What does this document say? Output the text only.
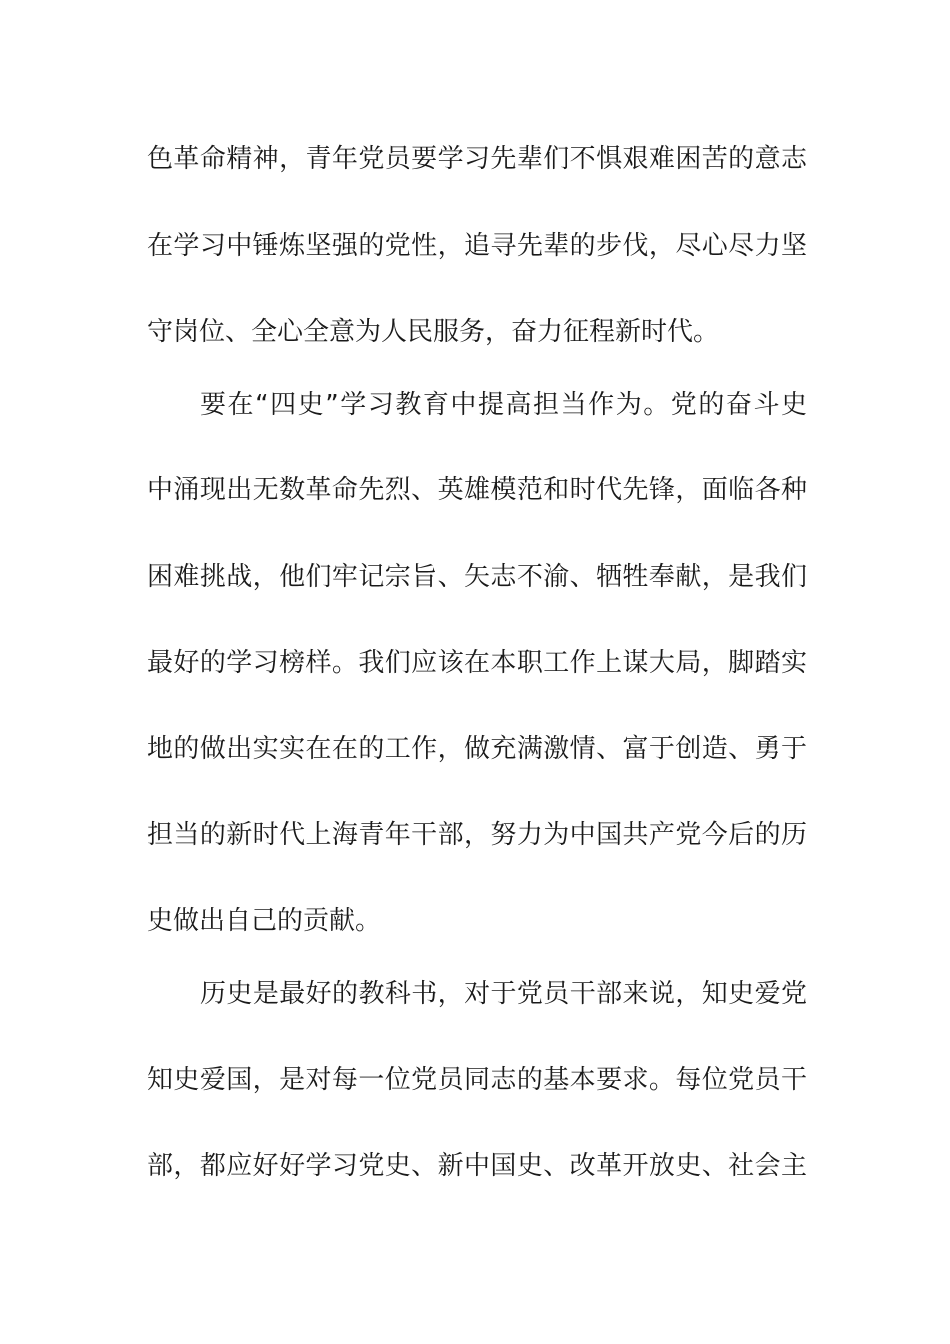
色革命精神，青年党员要学习先辈们不惧艰难困苦的意志
在学习中锤炼坚强的党性，追寻先辈的步伐，尽心尽力坚
守岗位、全心全意为人民服务，奋力征程新时代。
要在“四史”学习教育中提高担当作为。党的奋斗史
中涌现出无数革命先烈、英雄模范和时代先锋，面临各种
困难挑战，他们牢记宗旨、矢志不渝、牺牲奉献，是我们
最好的学习榜样。我们应该在本职工作上谋大局，脚踏实
地的做出实实在在的工作，做充满激情、富于创造、勇于
担当的新时代上海青年干部，努力为中国共产党今后的历
史做出自己的贡献。
历史是最好的教科书，对于党员干部来说，知史爱党
知史爱国，是对每一位党员同志的基本要求。每位党员干
部，都应好好学习党史、新中国史、改革开放史、社会主
